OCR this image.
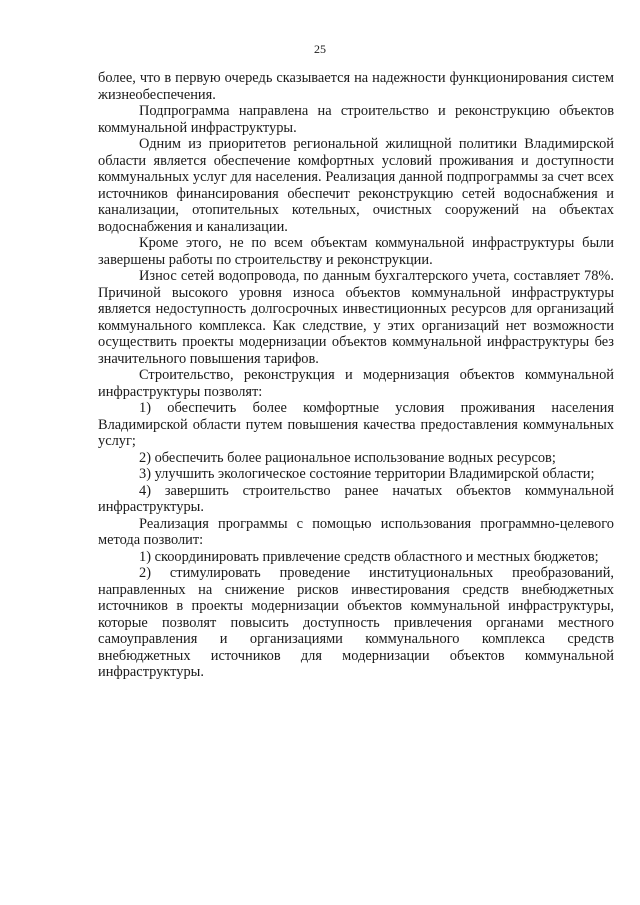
25

более, что в первую очередь сказывается на надежности функционирования систем жизнеобеспечения.

Подпрограмма направлена на строительство и реконструкцию объектов коммунальной инфраструктуры.

Одним из приоритетов региональной жилищной политики Владимирской области является обеспечение комфортных условий проживания и доступности коммунальных услуг для населения. Реализация данной подпрограммы за счет всех источников финансирования обеспечит реконструкцию сетей водоснабжения и канализации, отопительных котельных, очистных сооружений на объектах водоснабжения и канализации.

Кроме этого, не по всем объектам коммунальной инфраструктуры были завершены работы по строительству и реконструкции.

Износ сетей водопровода, по данным бухгалтерского учета, составляет 78%. Причиной высокого уровня износа объектов коммунальной инфраструктуры является недоступность долгосрочных инвестиционных ресурсов для организаций коммунального комплекса. Как следствие, у этих организаций нет возможности осуществить проекты модернизации объектов коммунальной инфраструктуры без значительного повышения тарифов.

Строительство, реконструкция и модернизация объектов коммунальной инфраструктуры позволят:

1) обеспечить более комфортные условия проживания населения Владимирской области путем повышения качества предоставления коммунальных услуг;

2) обеспечить более рациональное использование водных ресурсов;

3) улучшить экологическое состояние территории Владимирской области;

4) завершить строительство ранее начатых объектов коммунальной инфраструктуры.

Реализация программы с помощью использования программно-целевого метода позволит:

1) скоординировать привлечение средств областного и местных бюджетов;

2) стимулировать проведение институциональных преобразований, направленных на снижение рисков инвестирования средств внебюджетных источников в проекты модернизации объектов коммунальной инфраструктуры, которые позволят повысить доступность привлечения органами местного самоуправления и организациями коммунального комплекса средств внебюджетных источников для модернизации объектов коммунальной инфраструктуры.
